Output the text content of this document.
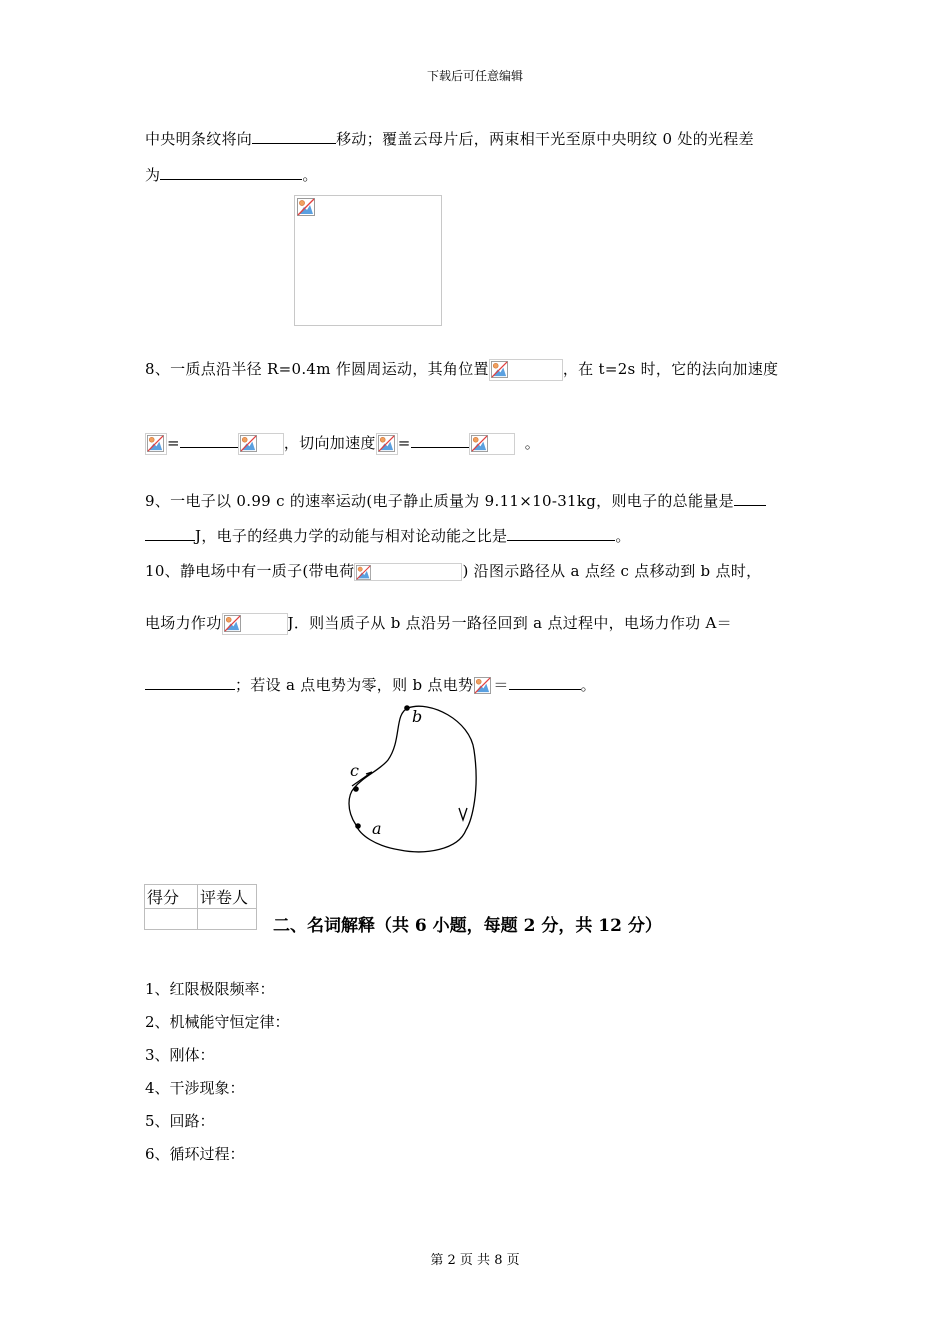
下载后可任意编辑
中央明条纹将向	移动；覆盖云母片后，两束相干光至原中央明纹 0 处的光程差
为	。
8、一质点沿半径 R=0.4m 作圆周运动，其角位置	，在 t=2s 时，它的法向加速度
=	，切向加速度 =	。
9、一电子以 0.99 c 的速率运动(电子静止质量为 9.11×10-31kg，则电子的总能量是
J，电子的经典力学的动能与相对论动能之比是	。
10、静电场中有一质子(带电荷	) 沿图示路径从 a 点经 c 点移动到 b 点时，
电场力作功	J．则当质子从 b 点沿另一路径回到 a 点过程中，电场力作功 A＝
；若设 a 点电势为零，则 b 点电势 ＝	。
b
c
a
得分	评卷人

二、名词解释（共 6 小题，每题 2 分，共 12 分）
1、红限极限频率：
2、机械能守恒定律：
3、刚体：
4、干涉现象：
5、回路：
6、循环过程：
第 2 页 共 8 页
